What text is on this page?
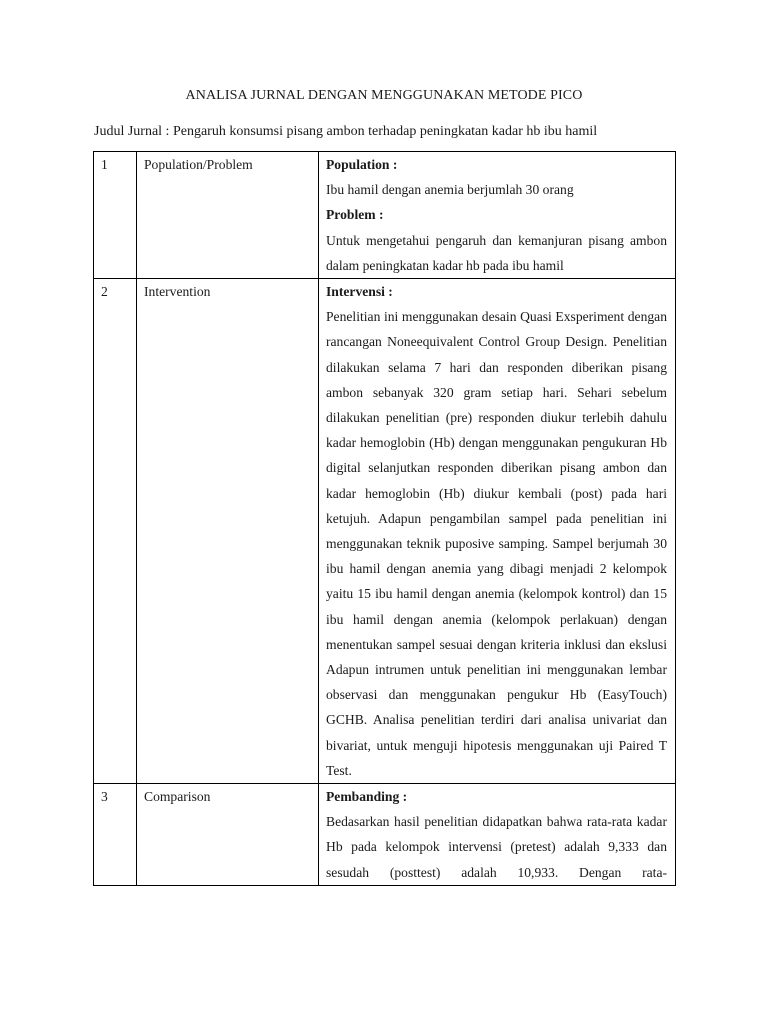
ANALISA JURNAL DENGAN MENGGUNAKAN METODE PICO
Judul Jurnal : Pengaruh konsumsi pisang ambon terhadap peningkatan kadar hb ibu hamil
1	Population/Problem	Population :

Ibu hamil dengan anemia berjumlah 30 orang

Problem :

Untuk mengetahui pengaruh dan kemanjuran pisang ambon dalam peningkatan kadar hb pada ibu hamil

2	Intervention	Intervensi :

Penelitian ini menggunakan desain Quasi Exsperiment dengan rancangan Noneequivalent Control Group Design. Penelitian dilakukan selama 7 hari dan responden diberikan pisang ambon sebanyak 320 gram setiap hari. Sehari sebelum dilakukan penelitian (pre) responden diukur terlebih dahulu kadar hemoglobin (Hb) dengan menggunakan pengukuran Hb digital selanjutkan responden diberikan pisang ambon dan kadar hemoglobin (Hb) diukur kembali (post) pada hari ketujuh. Adapun pengambilan sampel pada penelitian ini menggunakan teknik puposive samping. Sampel berjumah 30 ibu hamil dengan anemia yang dibagi menjadi 2 kelompok yaitu 15 ibu hamil dengan anemia (kelompok kontrol) dan 15 ibu hamil dengan anemia (kelompok perlakuan) dengan menentukan sampel sesuai dengan kriteria inklusi dan ekslusi Adapun intrumen untuk penelitian ini menggunakan lembar observasi dan menggunakan pengukur Hb (EasyTouch) GCHB. Analisa penelitian terdiri dari analisa univariat dan bivariat, untuk menguji hipotesis menggunakan uji Paired T Test.

3	Comparison	Pembanding :

Bedasarkan hasil penelitian didapatkan bahwa rata-rata kadar Hb pada kelompok intervensi (pretest) adalah 9,333 dan sesudah (posttest) adalah 10,933. Dengan rata-
